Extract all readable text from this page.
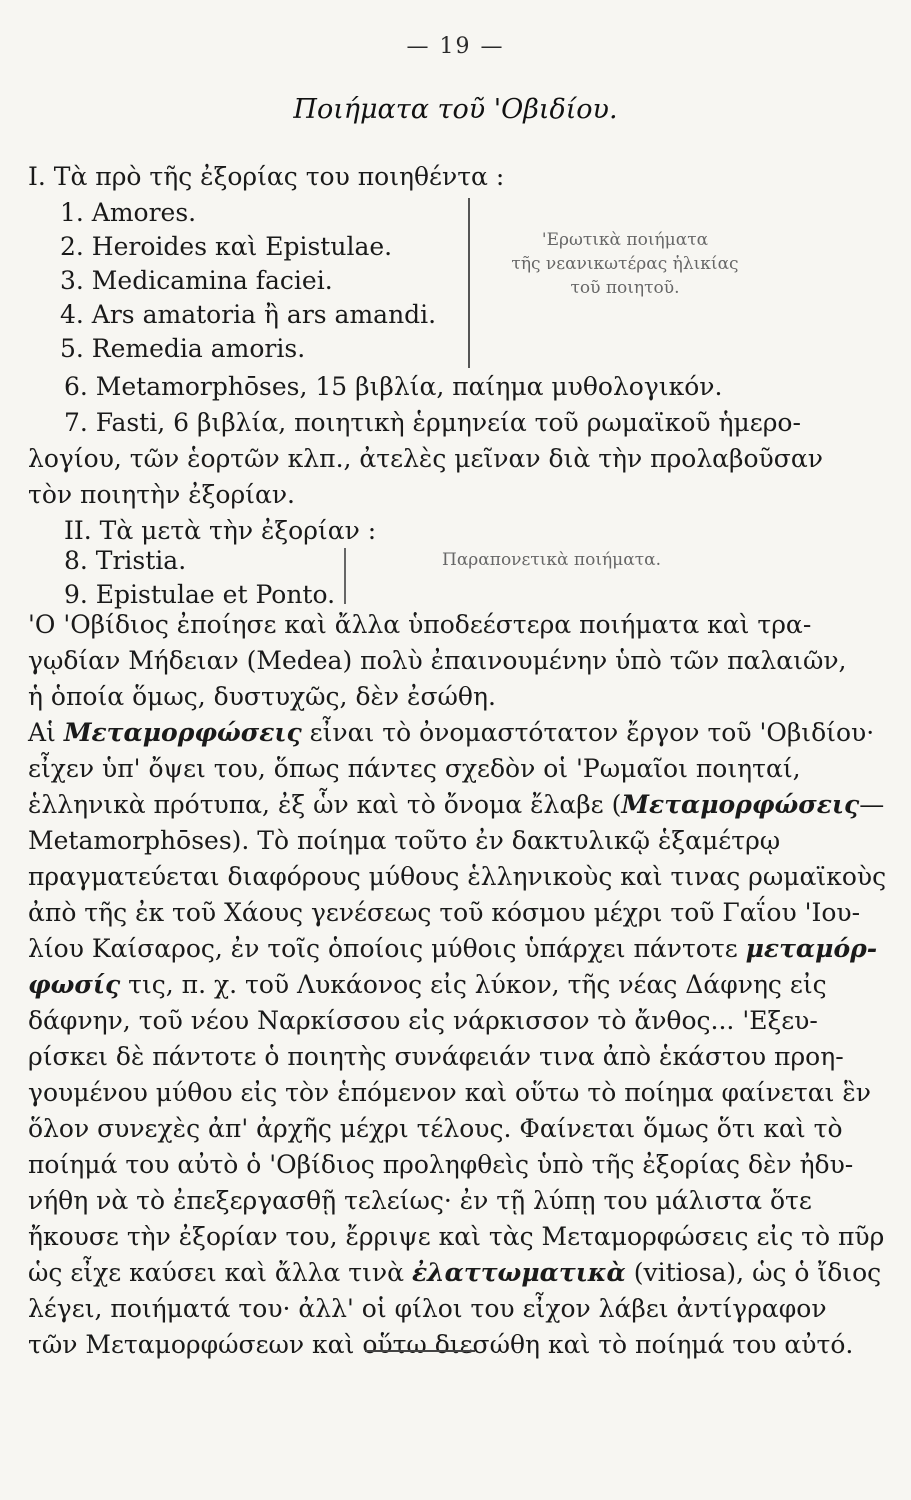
— 19 —
Ποιήματα τοῦ 'Οβιδίου.
Ι. Τὰ πρὸ τῆς ἐξορίας του ποιηθέντα :
1. Amores.
2. Heroides καὶ Epistulae.
3. Medicamina faciei.
4. Ars amatoria ἢ ars amandi.
5. Remedia amoris.
'Ερωτικὰ ποιήματα
τῆς νεανικωτέρας ἡλικίας
τοῦ ποιητοῦ.
6. Metamorphōses, 15 βιβλία, παίημα μυθολογικόν.
7. Fasti, 6 βιβλία, ποιητικὴ ἑρμηνεία τοῦ ρωμαϊκοῦ ἡμερο-
λογίου, τῶν ἑορτῶν κλπ., ἀτελὲς μεῖναν διὰ τὴν προλαβοῦσαν
τὸν ποιητὴν ἐξορίαν.
ΙΙ. Τὰ μετὰ τὴν ἐξορίαν :
8. Tristia.
9. Epistulae et Ponto.
Παραπονετικὰ ποιήματα.
'Ο 'Οβίδιος ἐποίησε καὶ ἄλλα ὑποδεέστερα ποιήματα καὶ τρα-
γῳδίαν Μήδειαν (Medea) πολὺ ἐπαινουμένην ὑπὸ τῶν παλαιῶν,
ἡ ὁποία ὅμως, δυστυχῶς, δὲν ἐσώθη.
Αἱ Μεταμορφώσεις εἶναι τὸ ὀνομαστότατον ἔργον τοῦ 'Οβιδίου·
εἶχεν ὑπ' ὄψει του, ὅπως πάντες σχεδὸν οἱ 'Ρωμαῖοι ποιηταί,
ἑλληνικὰ πρότυπα, ἐξ ὧν καὶ τὸ ὄνομα ἔλαβε (Μεταμορφώσεις—
Metamorphōses). Τὸ ποίημα τοῦτο ἐν δακτυλικῷ ἑξαμέτρῳ
πραγματεύεται διαφόρους μύθους ἑλληνικοὺς καὶ τινας ρωμαϊκοὺς
ἀπὸ τῆς ἐκ τοῦ Χάους γενέσεως τοῦ κόσμου μέχρι τοῦ Γαΐου 'Ιου-
λίου Καίσαρος, ἐν τοῖς ὁποίοις μύθοις ὑπάρχει πάντοτε μεταμόρ-
φωσίς τις, π. χ. τοῦ Λυκάονος εἰς λύκον, τῆς νέας Δάφνης εἰς
δάφνην, τοῦ νέου Ναρκίσσου εἰς νάρκισσον τὸ ἄνθος... 'Εξευ-
ρίσκει δὲ πάντοτε ὁ ποιητὴς συνάφειάν τινα ἀπὸ ἑκάστου προη-
γουμένου μύθου εἰς τὸν ἑπόμενον καὶ οὕτω τὸ ποίημα φαίνεται ἓν
ὅλον συνεχὲς ἀπ' ἀρχῆς μέχρι τέλους. Φαίνεται ὅμως ὅτι καὶ τὸ
ποίημά του αὐτὸ ὁ 'Οβίδιος προληφθεὶς ὑπὸ τῆς ἐξορίας δὲν ἠδυ-
νήθη νὰ τὸ ἐπεξεργασθῇ τελείως· ἐν τῇ λύπῃ του μάλιστα ὅτε
ἤκουσε τὴν ἐξορίαν του, ἔρριψε καὶ τὰς Μεταμορφώσεις εἰς τὸ πῦρ
ὡς εἶχε καύσει καὶ ἄλλα τινὰ ἐλαττωματικὰ (vitiosa), ὡς ὁ ἴδιος
λέγει, ποιήματά του· ἀλλ' οἱ φίλοι του εἶχον λάβει ἀντίγραφον
τῶν Μεταμορφώσεων καὶ οὕτω διεσώθη καὶ τὸ ποίημά του αὐτό.
